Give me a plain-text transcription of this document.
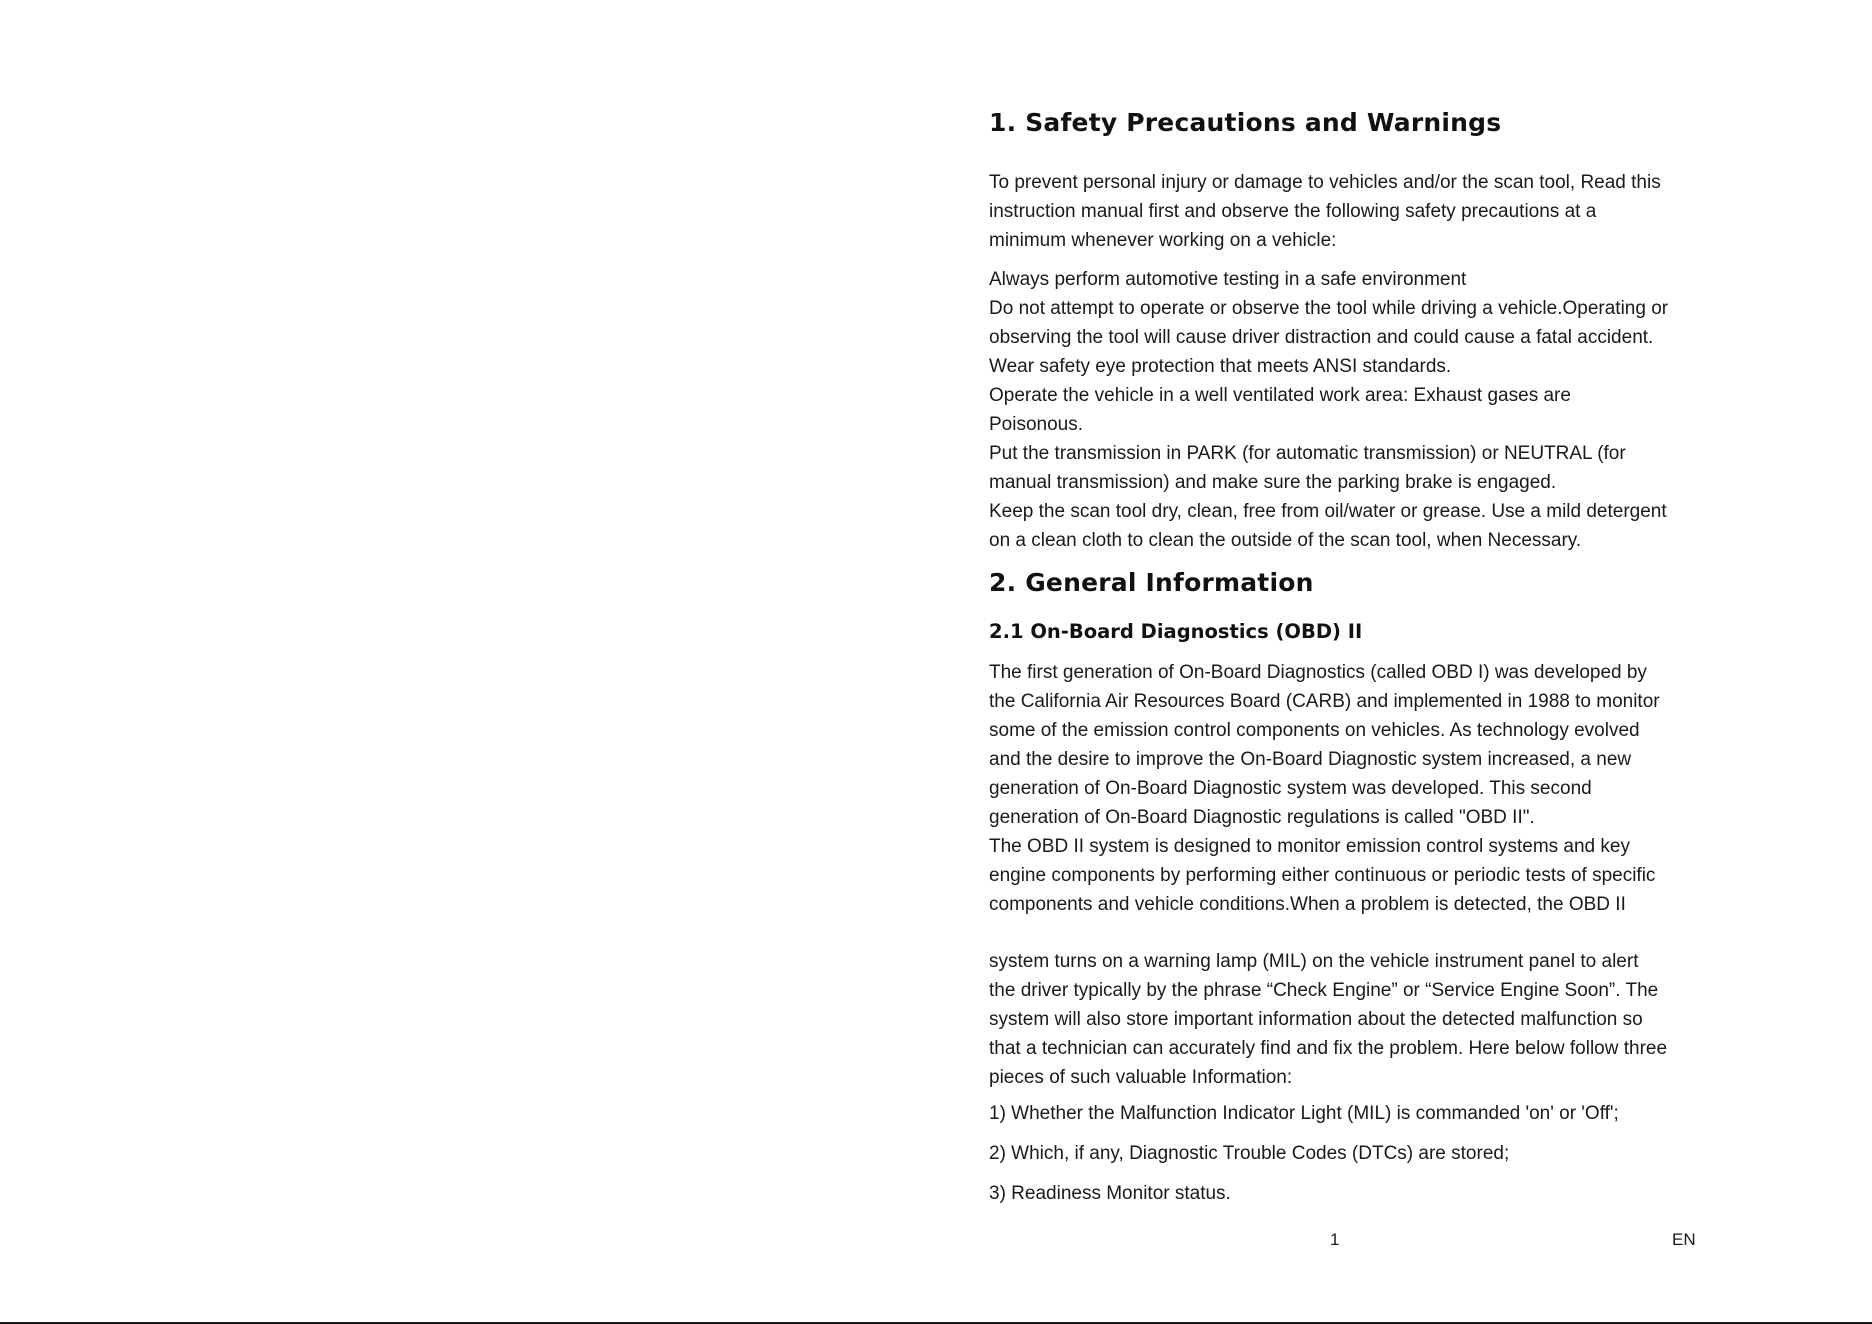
1. Safety Precautions and Warnings

To prevent personal injury or damage to vehicles and/or the scan tool, Read this

instruction manual first and observe the following safety precautions at a

minimum whenever working on a vehicle:

Always perform automotive testing in a safe environment

Do not attempt to operate or observe the tool while driving a vehicle.Operating or

observing the tool will cause driver distraction and could cause a fatal accident.

Wear safety eye protection that meets ANSI standards.

Operate the vehicle in a well ventilated work area: Exhaust gases are

Poisonous.

Put the transmission in PARK (for automatic transmission) or NEUTRAL (for

manual transmission) and make sure the parking brake is engaged.

Keep the scan tool dry, clean, free from oil/water or grease. Use a mild detergent

on a clean cloth to clean the outside of the scan tool, when Necessary.

2. General Information
2.1 On-Board Diagnostics (OBD) II

The first generation of On-Board Diagnostics (called OBD I) was developed by

the California Air Resources Board (CARB) and implemented in 1988 to monitor

some of the emission control components on vehicles. As technology evolved

and the desire to improve the On-Board Diagnostic system increased, a new

generation of On-Board Diagnostic system was developed. This second

generation of On-Board Diagnostic regulations is called "OBD II".

The OBD II system is designed to monitor emission control systems and key

engine components by performing either continuous or periodic tests of specific

components and vehicle conditions.When a problem is detected, the OBD II

system turns on a warning lamp (MIL) on the vehicle instrument panel to alert

the driver typically by the phrase “Check Engine” or “Service Engine Soon”. The

system will also store important information about the detected malfunction so

that a technician can accurately find and fix the problem. Here below follow three

pieces of such valuable Information:

1) Whether the Malfunction Indicator Light (MIL) is commanded 'on' or 'Off';

2) Which, if any, Diagnostic Trouble Codes (DTCs) are stored;

3) Readiness Monitor status.

1	EN
